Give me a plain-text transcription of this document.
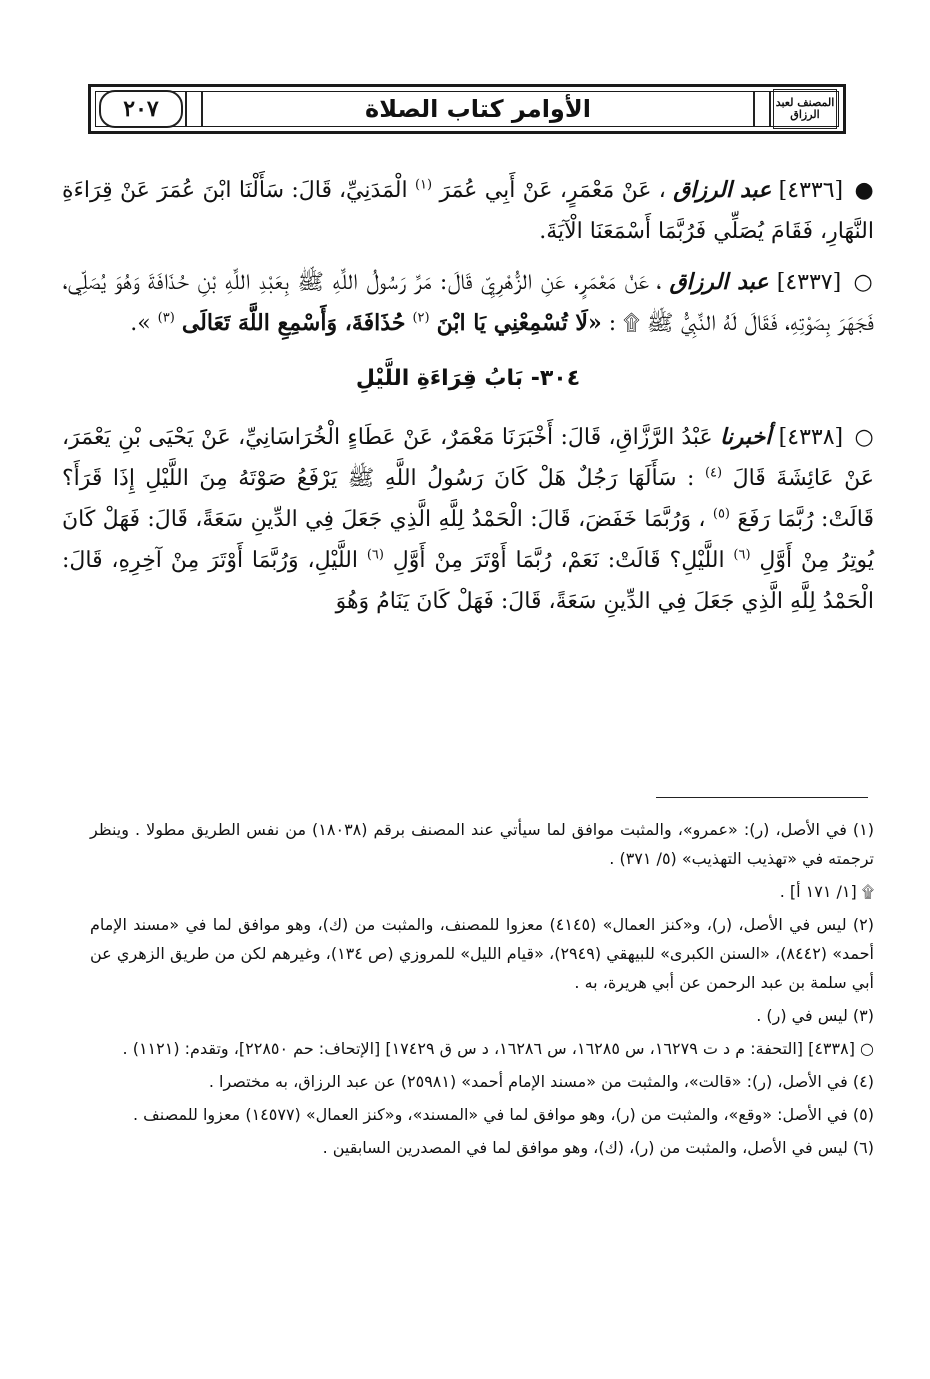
المصنف لعبد الرزاق
الأوامر كتاب الصلاة
٢٠٧

● [٤٣٣٦] عبد الرزاق ، عَنْ مَعْمَرٍ، عَنْ أَبِي عُمَرَ $^{(١)}$ الْمَدَنِيِّ، قَالَ: سَأَلْنَا ابْنَ عُمَرَ عَنْ قِرَاءَةِ النَّهَارِ، فَقَامَ يُصَلِّي فَرُبَّمَا أَسْمَعَنَا الْآيَةَ.

○ [٤٣٣٧] عبد الرزاق ، عَنْ مَعْمَرٍ، عَنِ الزُّهْرِيِّ قَالَ: مَرَّ رَسُولُ اللَّهِ ﷺ بِعَبْدِ اللَّهِ بْنِ حُذَافَةَ وَهُوَ يُصَلِّي، فَجَهَرَ بِصَوْتِهِ، فَقَالَ لَهُ النَّبِيُّ ﷺ ۩ : «لَا تُسْمِعْنِي يَا ابْنَ $^{(٢)}$ حُذَافَةَ، وَأَسْمِعِ اللَّهَ تَعَالَى $^{(٣)}$ ».

٣٠٤- بَابُ قِرَاءَةِ اللَّيْلِ

○ [٤٣٣٨] أخبرنا عَبْدُ الرَّزَّاقِ، قَالَ: أَخْبَرَنَا مَعْمَرٌ، عَنْ عَطَاءٍ الْخُرَاسَانِيِّ، عَنْ يَحْيَى بْنِ يَعْمَرَ، عَنْ عَائِشَةَ قَالَ $^{(٤)}$ : سَأَلَهَا رَجُلٌ هَلْ كَانَ رَسُولُ اللَّهِ ﷺ يَرْفَعُ صَوْتَهُ مِنَ اللَّيْلِ إِذَا قَرَأَ؟ قَالَتْ: رُبَّمَا رَفَعَ $^{(٥)}$ ، وَرُبَّمَا خَفَضَ، قَالَ: الْحَمْدُ لِلَّهِ الَّذِي جَعَلَ فِي الدِّينِ سَعَةً، قَالَ: فَهَلْ كَانَ يُوتِرُ مِنْ أَوَّلِ $^{(٦)}$ اللَّيْلِ؟ قَالَتْ: نَعَمْ، رُبَّمَا أَوْتَرَ مِنْ أَوَّلِ $^{(٦)}$ اللَّيْلِ، وَرُبَّمَا أَوْتَرَ مِنْ آخِرِهِ، قَالَ: الْحَمْدُ لِلَّهِ الَّذِي جَعَلَ فِي الدِّينِ سَعَةً، قَالَ: فَهَلْ كَانَ يَنَامُ وَهُوَ

(١) في الأصل، (ر): «عمرو»، والمثبت موافق لما سيأتي عند المصنف برقم (١٨٠٣٨) من نفس الطريق مطولا . وينظر ترجمته في «تهذيب التهذيب» (٥/ ٣٧١) .

۩ [١/ ١٧١ أ] .

(٢) ليس في الأصل، (ر)، و«كنز العمال» (٤١٤٥) معزوا للمصنف، والمثبت من (ك)، وهو موافق لما في «مسند الإمام أحمد» (٨٤٤٢)، «السنن الكبرى» للبيهقي (٢٩٤٩)، «قيام الليل» للمروزي (ص ١٣٤)، وغيرهم لكن من طريق الزهري عن أبي سلمة بن عبد الرحمن عن أبي هريرة، به .

(٣) ليس في (ر) .

○ [٤٣٣٨] [التحفة: م د ت ١٦٢٧٩، س ١٦٢٨٥، س ١٦٢٨٦، د س ق ١٧٤٢٩] [الإتحاف: حم ٢٢٨٥٠]، وتقدم: (١١٢١) .

(٤) في الأصل، (ر): «قالت»، والمثبت من «مسند الإمام أحمد» (٢٥٩٨١) عن عبد الرزاق، به مختصرا .

(٥) في الأصل: «وقع»، والمثبت من (ر)، وهو موافق لما في «المسند»، و«كنز العمال» (١٤٥٧٧) معزوا للمصنف .

(٦) ليس في الأصل، والمثبت من (ر)، (ك)، وهو موافق لما في المصدرين السابقين .
